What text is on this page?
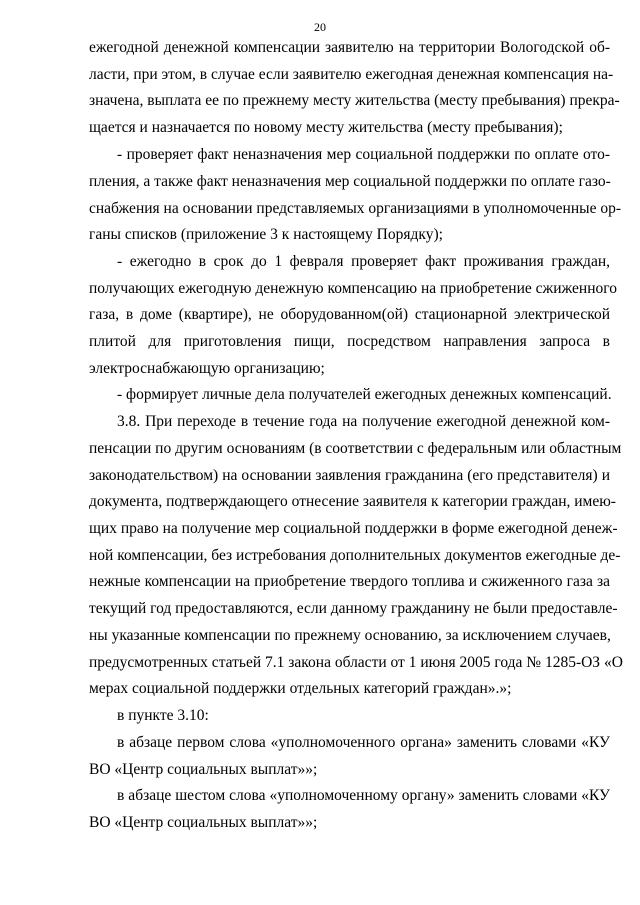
20
ежегодной денежной компенсации заявителю на территории Вологодской об-
ласти, при этом, в случае если заявителю ежегодная денежная компенсация на-
значена, выплата ее по прежнему месту жительства (месту пребывания) прекра-
щается и назначается по новому месту жительства (месту пребывания);
- проверяет факт неназначения мер социальной поддержки по оплате ото-
пления, а также факт неназначения мер социальной поддержки по оплате газо-
снабжения на основании представляемых организациями в уполномоченные ор-
ганы списков (приложение 3 к настоящему Порядку);
- ежегодно в срок до 1 февраля проверяет факт проживания граждан,
получающих ежегодную денежную компенсацию на приобретение сжиженного
газа, в доме (квартире), не оборудованном(ой) стационарной электрической
плитой для приготовления пищи, посредством направления запроса в
электроснабжающую организацию;
- формирует личные дела получателей ежегодных денежных компенсаций.
3.8. При переходе в течение года на получение ежегодной денежной ком-
пенсации по другим основаниям (в соответствии с федеральным или областным
законодательством) на основании заявления гражданина (его представителя) и
документа, подтверждающего отнесение заявителя к категории граждан, имею-
щих право на получение мер социальной поддержки в форме ежегодной денеж-
ной компенсации, без истребования дополнительных документов ежегодные де-
нежные компенсации на приобретение твердого топлива и сжиженного газа за
текущий год предоставляются, если данному гражданину не были предоставле-
ны указанные компенсации по прежнему основанию, за исключением случаев,
предусмотренных статьей 7.1 закона области от 1 июня 2005 года № 1285-ОЗ «О
мерах социальной поддержки отдельных категорий граждан».»;
в пункте 3.10:
в абзаце первом слова «уполномоченного органа» заменить словами «КУ
ВО «Центр социальных выплат»»;
в абзаце шестом слова «уполномоченному органу» заменить словами «КУ
ВО «Центр социальных выплат»»;
